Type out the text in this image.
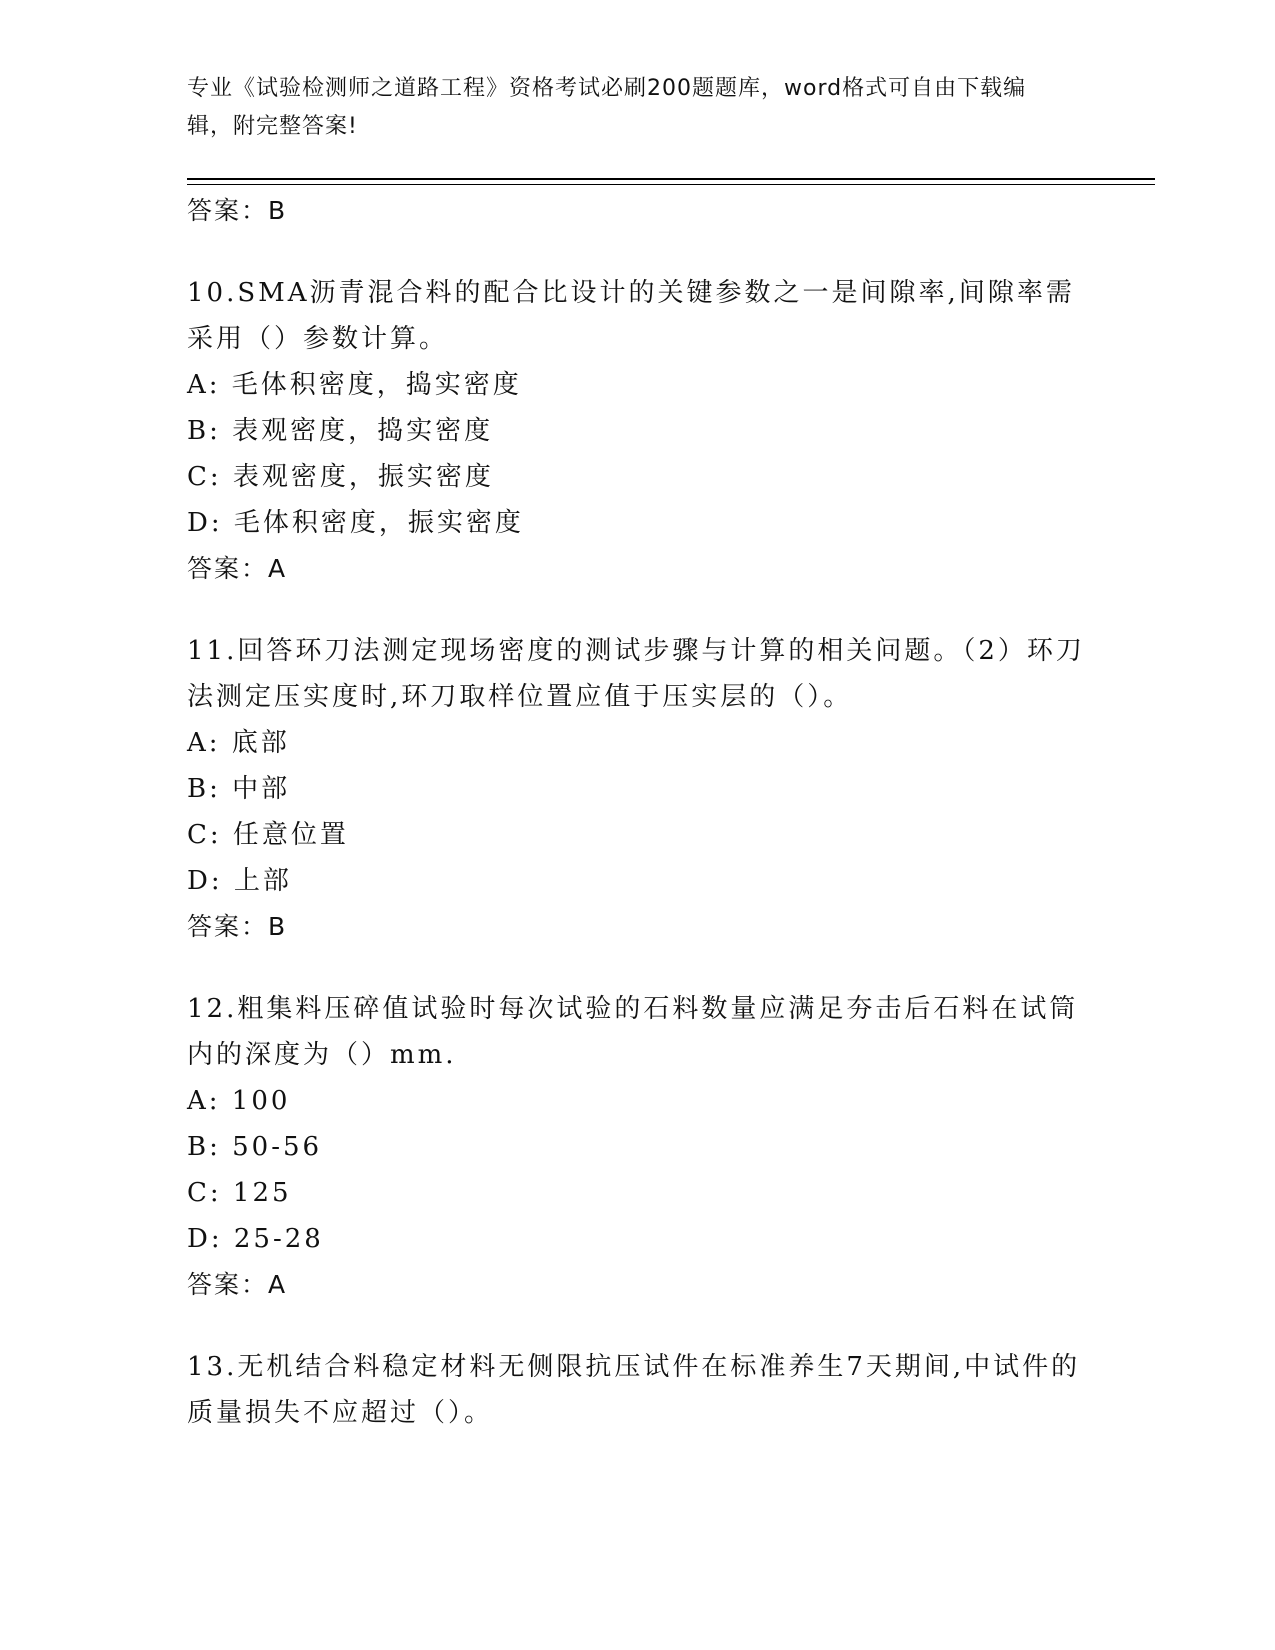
专业《试验检测师之道路工程》资格考试必刷200题题库，word格式可自由下载编辑，附完整答案!
答案：B
10.SMA沥青混合料的配合比设计的关键参数之一是间隙率,间隙率需采用（）参数计算。
A: 毛体积密度，捣实密度
B: 表观密度，捣实密度
C: 表观密度，振实密度
D: 毛体积密度，振实密度
答案：A
11.回答环刀法测定现场密度的测试步骤与计算的相关问题。（2）环刀法测定压实度时,环刀取样位置应值于压实层的（）。
A: 底部
B: 中部
C: 任意位置
D: 上部
答案：B
12.粗集料压碎值试验时每次试验的石料数量应满足夯击后石料在试筒内的深度为（）mm.
A: 100
B: 50-56
C: 125
D: 25-28
答案：A
13.无机结合料稳定材料无侧限抗压试件在标准养生7天期间,中试件的质量损失不应超过（）。
